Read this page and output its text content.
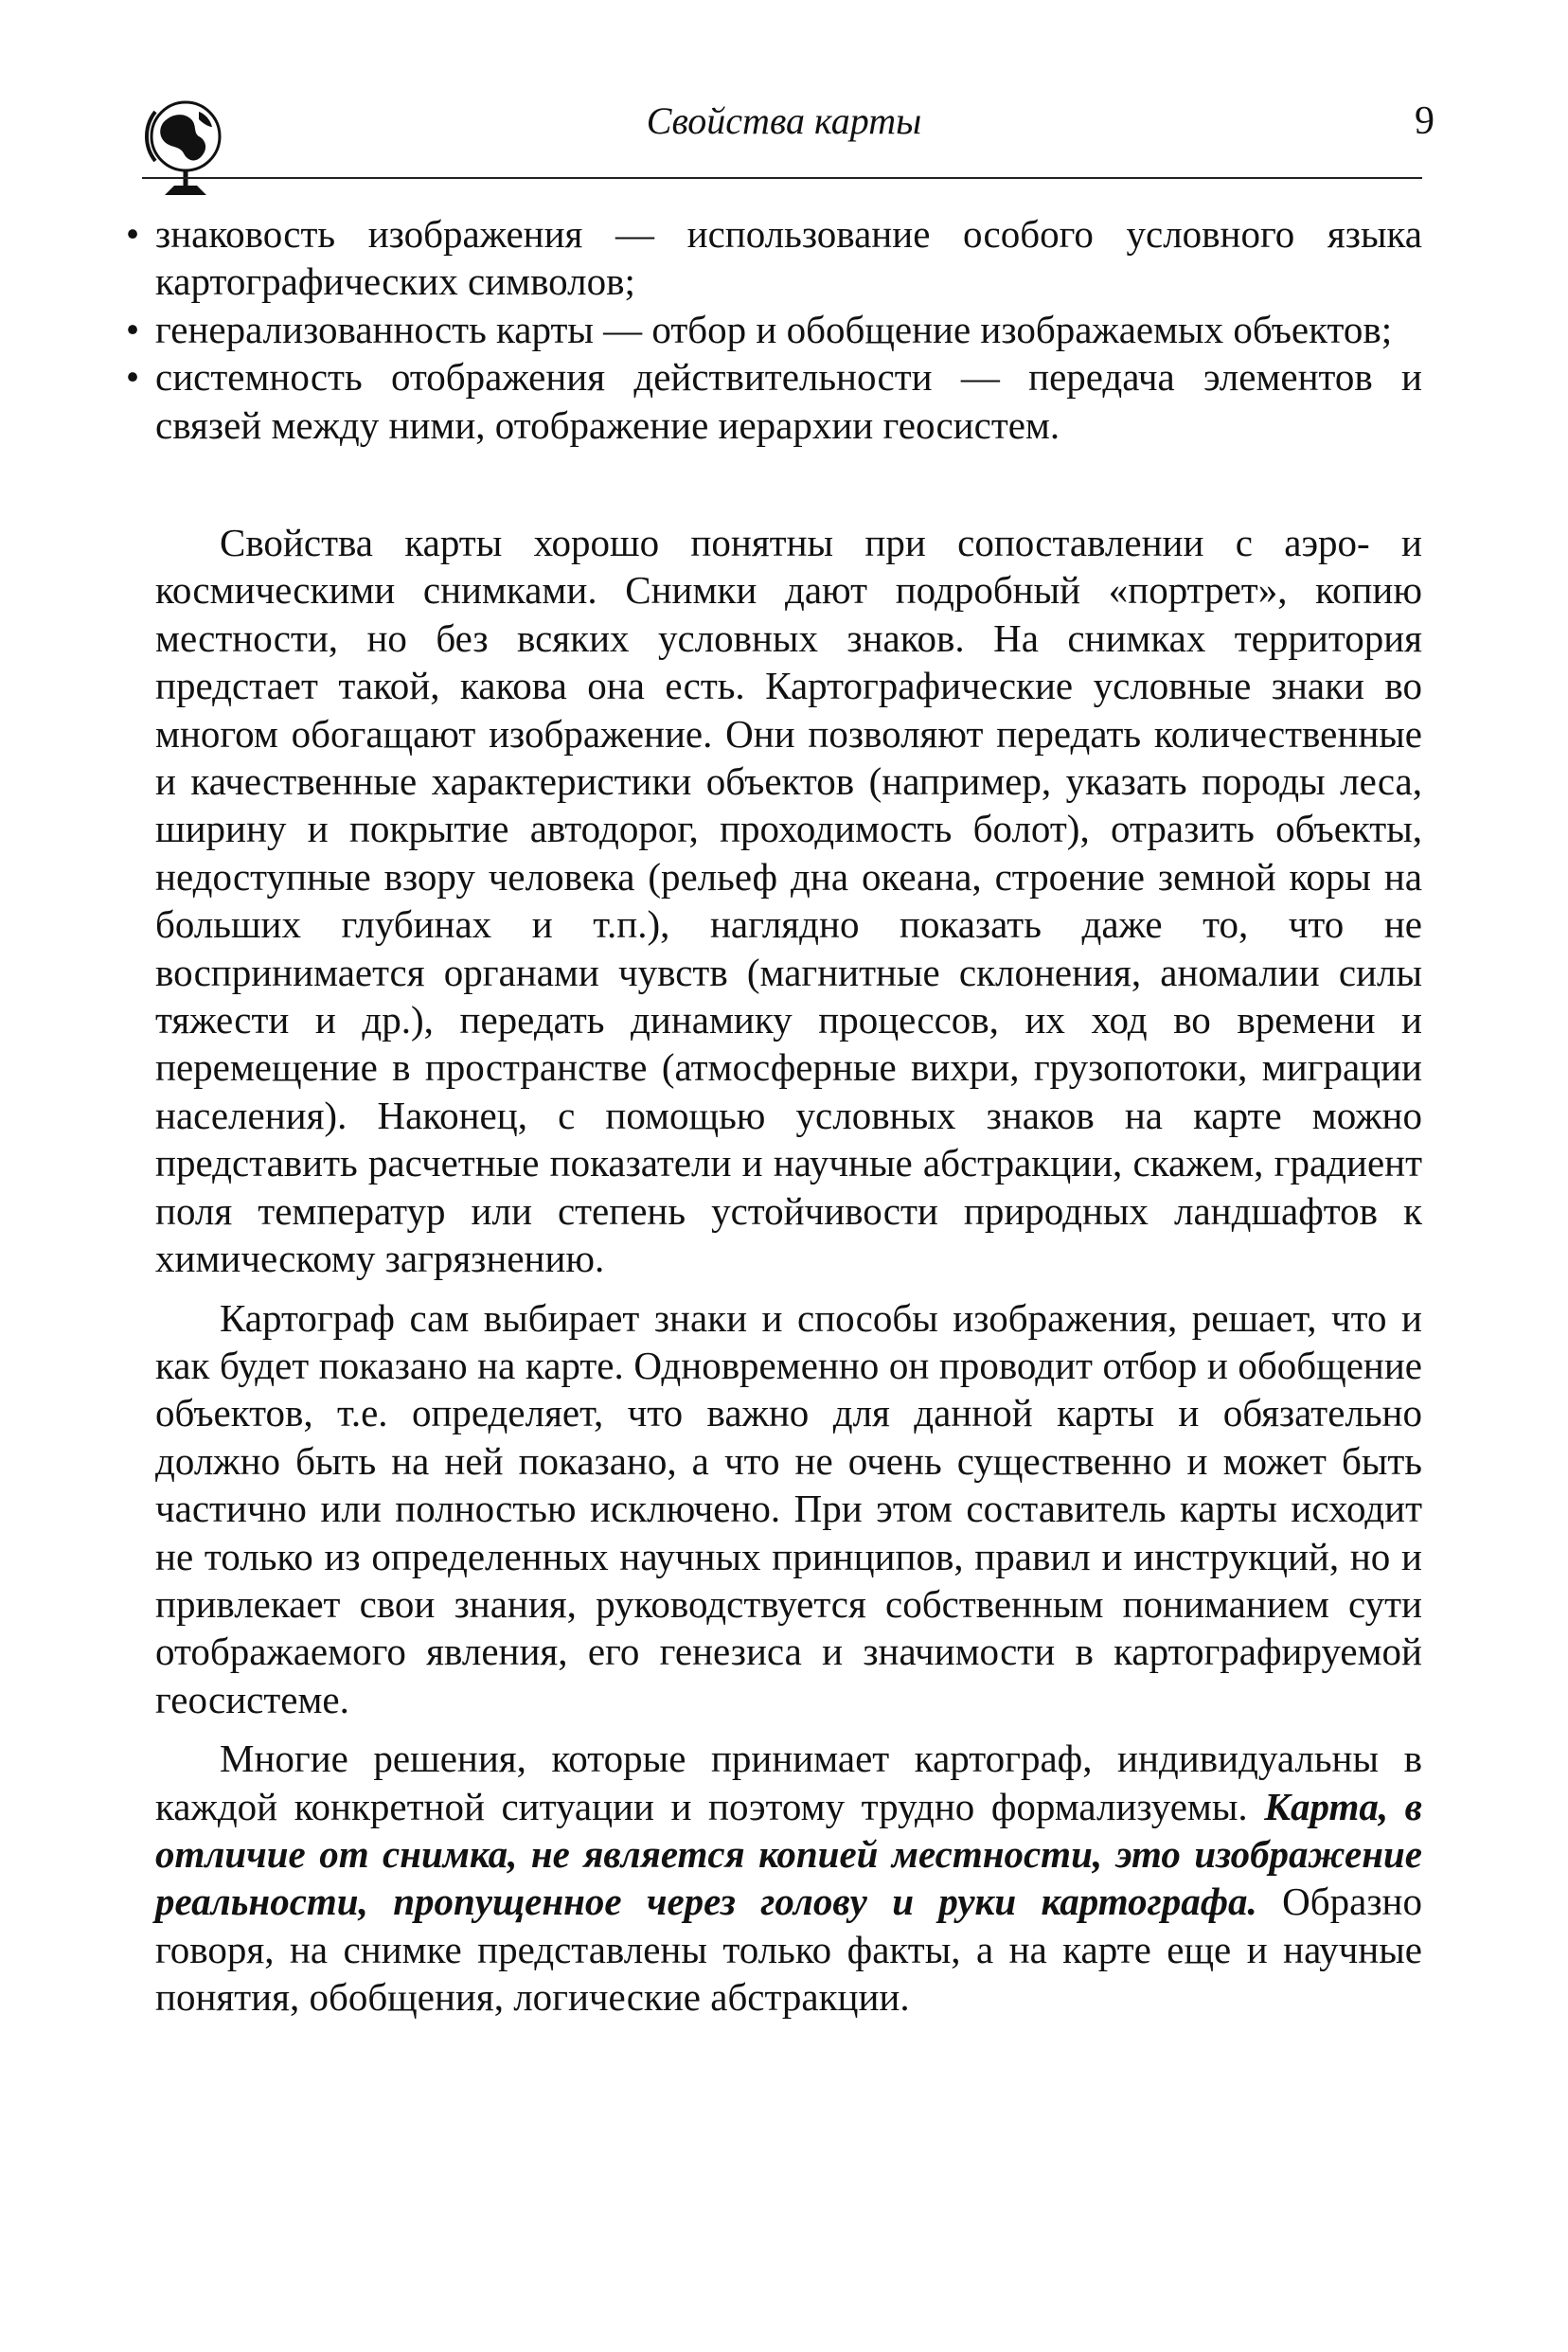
Свойства карты	9
• знаковость изображения — использование особого условного языка картографических символов;

• генерализованность карты — отбор и обобщение изображаемых объектов;

• системность отображения действительности — передача элементов и связей между ними, отображение иерархии геосистем.

Свойства карты хорошо понятны при сопоставлении с аэро- и космическими снимками. Снимки дают подробный «портрет», копию местности, но без всяких условных знаков. На снимках территория предстает такой, какова она есть. Картографические условные знаки во многом обогащают изображение. Они позволяют передать количественные и качественные характеристики объектов (например, указать породы леса, ширину и покрытие автодорог, проходимость болот), отразить объекты, недоступные взору человека (рельеф дна океана, строение земной коры на больших глубинах и т.п.), наглядно показать даже то, что не воспринимается органами чувств (магнитные склонения, аномалии силы тяжести и др.), передать динамику процессов, их ход во времени и перемещение в пространстве (атмосферные вихри, грузопотоки, миграции населения). Наконец, с помощью условных знаков на карте можно представить расчетные показатели и научные абстракции, скажем, градиент поля температур или степень устойчивости природных ландшафтов к химическому загрязнению.

Картограф сам выбирает знаки и способы изображения, решает, что и как будет показано на карте. Одновременно он проводит отбор и обобщение объектов, т.е. определяет, что важно для данной карты и обязательно должно быть на ней показано, а что не очень существенно и может быть частично или полностью исключено. При этом составитель карты исходит не только из определенных научных принципов, правил и инструкций, но и привлекает свои знания, руководствуется собственным пониманием сути отображаемого явления, его генезиса и значимости в картографируемой геосистеме.

Многие решения, которые принимает картограф, индивидуальны в каждой конкретной ситуации и поэтому трудно формализуемы. Карта, в отличие от снимка, не является копией местности, это изображение реальности, пропущенное через голову и руки картографа. Образно говоря, на снимке представлены только факты, а на карте еще и научные понятия, обобщения, логические абстракции.
